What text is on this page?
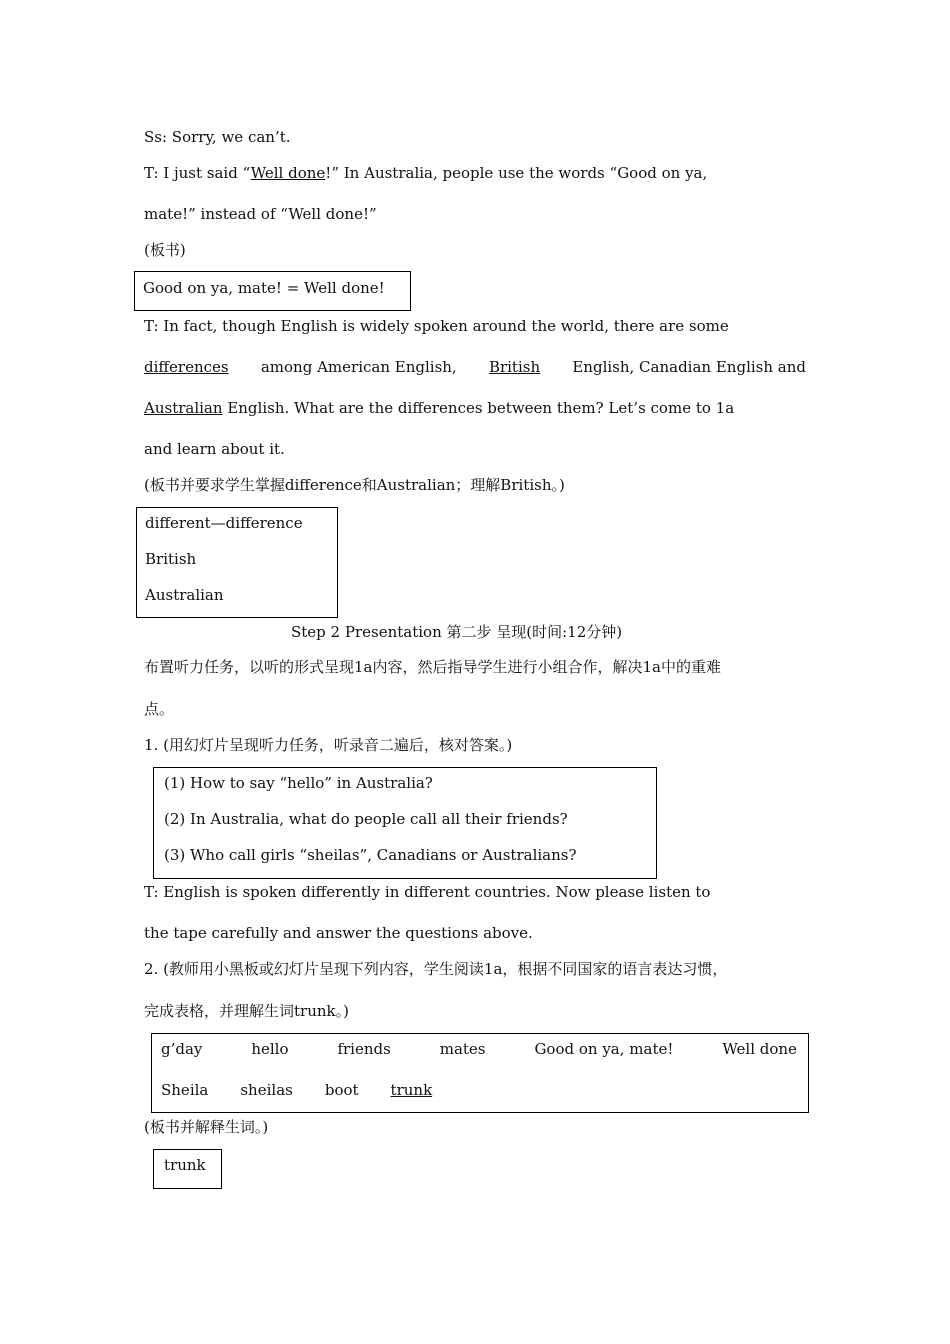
Ss: Sorry, we can’t.
T: I just said “Well done!” In Australia, people use the words “Good on ya,
mate!” instead of “Well done!”
(板书)
Good on ya, mate! = Well done!
T: In fact, though English is widely spoken around the world, there are some
differences among American English, British English, Canadian English and
Australian English. What are the differences between them? Let’s come to 1a
and learn about it.
(板书并要求学生掌握difference和Australian；理解British。)
different—difference
British
Australian
Step 2 Presentation 第二步 呈现(时间:12分钟)
布置听力任务，以听的形式呈现1a内容，然后指导学生进行小组合作，解决1a中的重难
点。
1. (用幻灯片呈现听力任务，听录音二遍后，核对答案。)
(1) How to say “hello” in Australia?
(2) In Australia, what do people call all their friends?
(3) Who call girls “sheilas”, Canadians or Australians?
T: English is spoken differently in different countries. Now please listen to
the tape carefully and answer the questions above.
2. (教师用小黑板或幻灯片呈现下列内容，学生阅读1a，根据不同国家的语言表达习惯，
完成表格，并理解生词trunk。)
g’day	hello	friends	mates	Good on ya, mate!	Well done
Sheila sheilas boot trunk
(板书并解释生词。)
trunk
